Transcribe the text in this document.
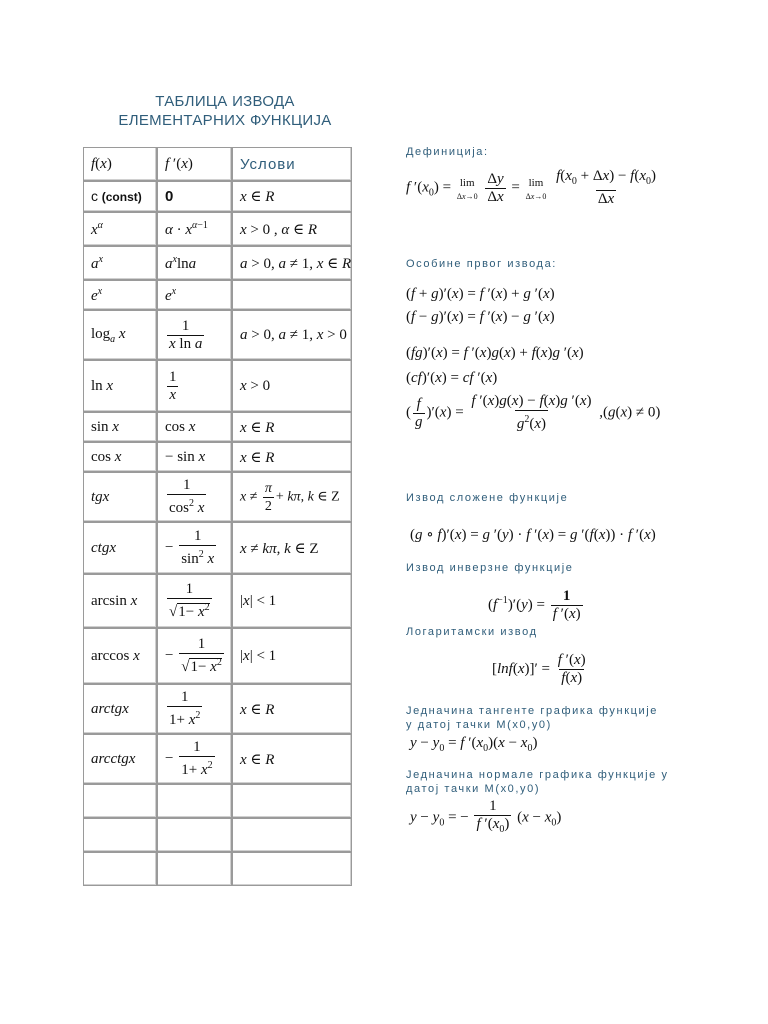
ТАБЛИЦА ИЗВОДА
ЕЛЕМЕНТАРНИХ ФУНКЦИЈА
f(x)	f ′(x)	Услови
c (const)	0	x ∈ R
$x^\alpha$	$\alpha \cdot x^{\alpha-1}$	x > 0 , α ∈ R
$a^x$	$a^x\ln a$	a > 0, a ≠ 1, x ∈ R
$e^x$	$e^x$	
$\log_a x$	$\frac{1}{\text{x ln a}}$	a > 0, a ≠ 1, x > 0
ln x	$\frac{1}{x}$	x > 0
sin x	cos x	x ∈ R
cos x	− sin x	x ∈ R
tgx	$\frac{1}{\cos^2 x}$	$x \ne \frac{\pi}{2} + k\pi$, k ∈ Z
ctgx	− $\frac{1}{\sin^2 x}$	x ≠ kπ, k ∈ Z
arcsin x	$\frac{1}{√1- x^2}$	|x| < 1
arccos x	− $\frac{1}{√1- x^2}$	|x| < 1
arctgx	$\frac{1}{1+ x^2}$	x ∈ R
arcctgx	− $\frac{1}{1+ x^2}$	x ∈ R

Дефиниција:
f $'(x_0) = \lim$
Δx→0
$\frac{\Delta y}{\Delta x} = \lim$
Δx→0
$\frac{f(x_0 + \Delta x) - f(x_0)}{\Delta x}$
Особине првог извода:
(f + g)′(x) = f ′(x) + g ′(x)
(f − g)′(x) = f ′(x) − g ′(x)
(fg)′(x) = f ′(x)g(x) + f(x)g ′(x)
(cf)′(x) = cf ′(x)
( $\frac{f}{g} )'(x) = \frac{f '(x)g(x) - f(x)g '(x)}{g^2(x)} ,(g(x) \ne 0)$
Извод сложене функције
(g ∘ f)′(x) = g ′(y) · f ′(x) = g ′(f(x)) · f ′(x)
Извод инверзне функције
$(f^{-1})'(y) = \frac{1}{f '(x)}$
Логаритамски извод
$[\ln f(x)]' = \frac{f '(x)}{f(x)}$
Једначина тангенте графика функције
у датој тачки M(x0,y0)
$y - y_0 = f$ $'(x_0)(x - x_0)$
Једначина нормале графика функције у
датој тачки M(x0,y0)
$y - y_0$ = − $\frac{1}{f '(x_0)} (x - x_0)$
